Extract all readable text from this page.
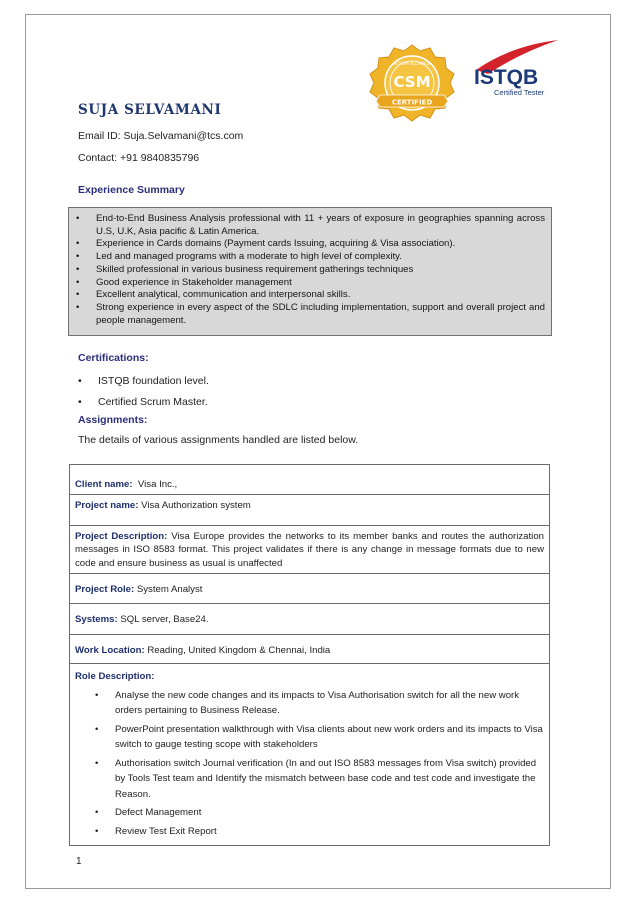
SCRUM ALLIANCE
CSM
CERTIFIED
ISTQB
Certified Tester
SUJA SELVAMANI
Email ID: Suja.Selvamani@tcs.com
Contact: +91 9840835796
Experience Summary
• End-to-End Business Analysis professional with 11 + years of exposure in geographies spanning across U.S, U.K, Asia pacific & Latin America.
• Experience in Cards domains (Payment cards Issuing, acquiring & Visa association).
• Led and managed programs with a moderate to high level of complexity.
• Skilled professional in various business requirement gatherings techniques
• Good experience in Stakeholder management
• Excellent analytical, communication and interpersonal skills.
• Strong experience in every aspect of the SDLC including implementation, support and overall project and people management.
Certifications:
• ISTQB foundation level.
• Certified Scrum Master.
Assignments:
The details of various assignments handled are listed below.
Client name: Visa Inc.,
Project name: Visa Authorization system
Project Description: Visa Europe provides the networks to its member banks and routes the authorization messages in ISO 8583 format. This project validates if there is any change in message formats due to new code and ensure business as usual is unaffected
Project Role: System Analyst
Systems: SQL server, Base24.
Work Location: Reading, United Kingdom & Chennai, India

Role Description:
• Analyse the new code changes and its impacts to Visa Authorisation switch for all the new work orders pertaining to Business Release.
• PowerPoint presentation walkthrough with Visa clients about new work orders and its impacts to Visa switch to gauge testing scope with stakeholders
• Authorisation switch Journal verification (In and out ISO 8583 messages from Visa switch) provided by Tools Test team and Identify the mismatch between base code and test code and investigate the Reason.
• Defect Management
• Review Test Exit Report
1
